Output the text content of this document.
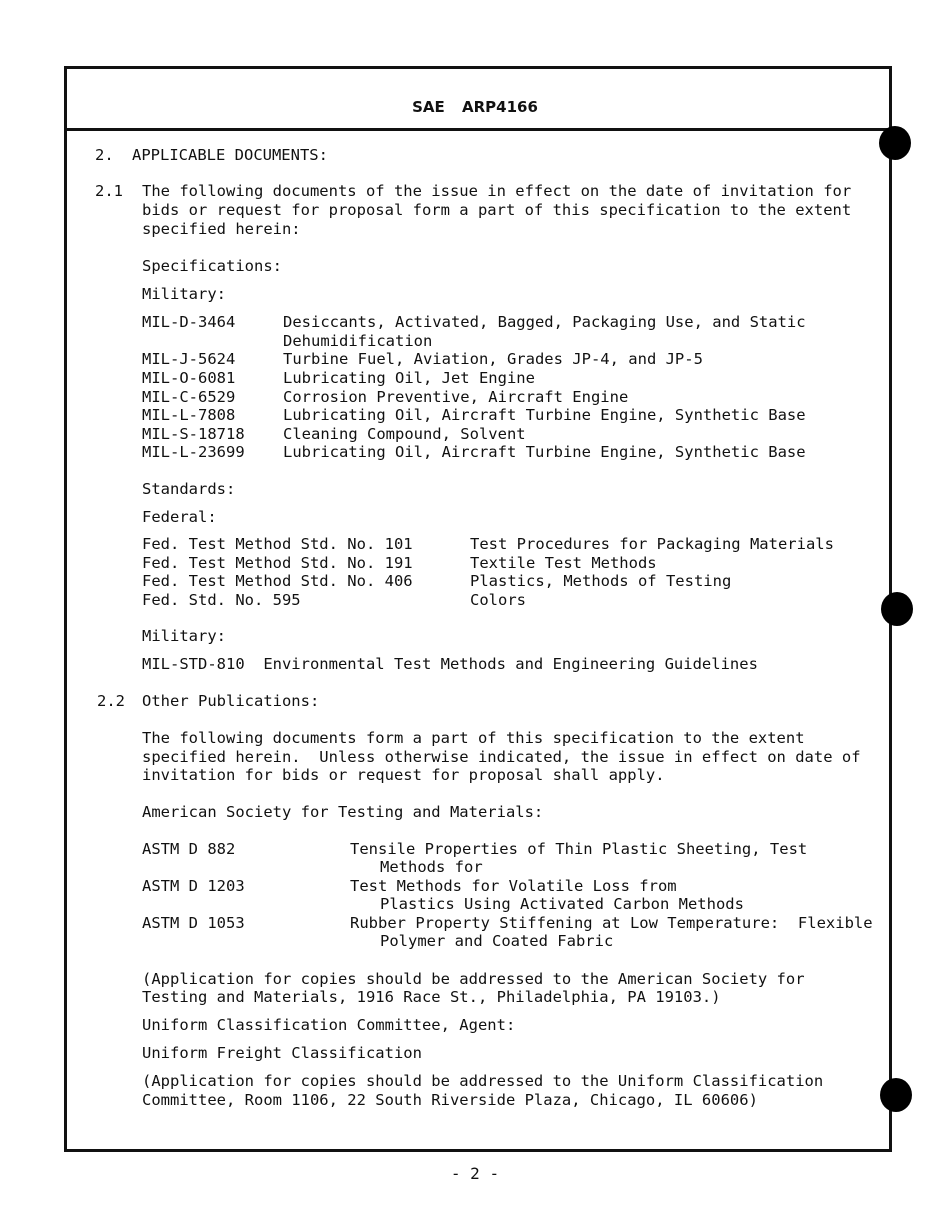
SAE ARP4166
2. APPLICABLE DOCUMENTS:
2.1 The following documents of the issue in effect on the date of invitation for
bids or request for proposal form a part of this specification to the extent
specified herein:
Specifications:
Military:
MIL-D-3464	Desiccants, Activated, Bagged, Packaging Use, and Static
Dehumidification
MIL-J-5624	Turbine Fuel, Aviation, Grades JP-4, and JP-5
MIL-O-6081	Lubricating Oil, Jet Engine
MIL-C-6529	Corrosion Preventive, Aircraft Engine
MIL-L-7808	Lubricating Oil, Aircraft Turbine Engine, Synthetic Base
MIL-S-18718 Cleaning Compound, Solvent
MIL-L-23699 Lubricating Oil, Aircraft Turbine Engine, Synthetic Base
Standards:
Federal:
Fed. Test Method Std. No. 101	Test Procedures for Packaging Materials
Fed. Test Method Std. No. 191	Textile Test Methods
Fed. Test Method Std. No. 406	Plastics, Methods of Testing
Fed. Std. No. 595	Colors
Military:
MIL-STD-810  Environmental Test Methods and Engineering Guidelines
2.2 Other Publications:
The following documents form a part of this specification to the extent
specified herein.  Unless otherwise indicated, the issue in effect on date of
invitation for bids or request for proposal shall apply.
American Society for Testing and Materials:
ASTM D 882	Tensile Properties of Thin Plastic Sheeting, Test
Methods for
ASTM D 1203	Test Methods for Volatile Loss from
Plastics Using Activated Carbon Methods
ASTM D 1053	Rubber Property Stiffening at Low Temperature:  Flexible
Polymer and Coated Fabric
(Application for copies should be addressed to the American Society for
Testing and Materials, 1916 Race St., Philadelphia, PA 19103.)
Uniform Classification Committee, Agent:
Uniform Freight Classification
(Application for copies should be addressed to the Uniform Classification
Committee, Room 1106, 22 South Riverside Plaza, Chicago, IL 60606)
- 2 -
